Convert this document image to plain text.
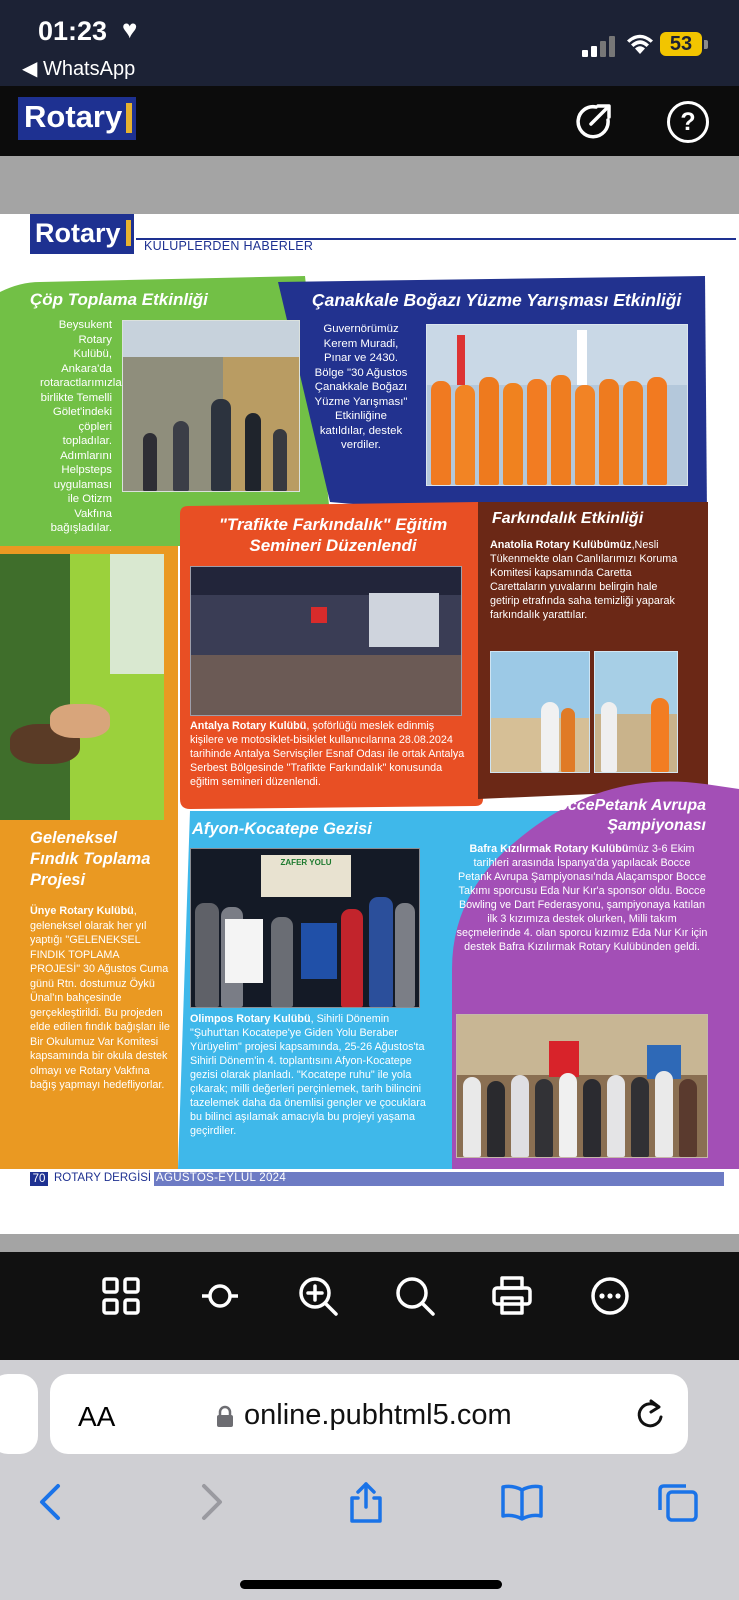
01:23 ♥
◀ WhatsApp
53
Rotary	?
Rotary	KULÜPLERDEN HABERLER
Çöp Toplama Etkinliği
Beysukent Rotary Kulübü, Ankara'da rotaractlarımızla birlikte Temelli Gölet'indeki çöpleri topladılar. Adımlarını Helpsteps uygulaması ile Otizm Vakfına bağışladılar.
Çanakkale Boğazı Yüzme Yarışması Etkinliği
Guvernörümüz Kerem Muradi, Pınar ve 2430. Bölge "30 Ağustos Çanakkale Boğazı Yüzme Yarışması" Etkinliğine katıldılar, destek verdiler.
"Trafikte Farkındalık" Eğitim Semineri Düzenlendi
Antalya Rotary Kulübü, şoförlüğü meslek edinmiş kişilere ve motosiklet-bisiklet kullanıcılarına 28.08.2024 tarihinde Antalya Servisçiler Esnaf Odası ile ortak Antalya Serbest Bölgesinde "Trafikte Farkındalık" konusunda eğitim semineri düzenlendi.
Farkındalık Etkinliği
Anatolia Rotary Kulübümüz,Nesli Tükenmekte olan Canlılarımızı Koruma Komitesi kapsamında Caretta Carettaların yuvalarını belirgin hale getirip etrafında saha temizliği yaparak farkındalık yarattılar.
Geleneksel Fındık Toplama Projesi
Ünye Rotary Kulübü, geleneksel olarak her yıl yaptığı "GELENEKSEL FINDIK TOPLAMA PROJESİ" 30 Ağustos Cuma günü Rtn. dostumuz Öykü Ünal'ın bahçesinde gerçekleştirildi. Bu projeden elde edilen fındık bağışları ile Bir Okulumuz Var Komitesi kapsamında bir okula destek olmayı ve Rotary Vakfına bağış yapmayı hedefliyorlar.
Afyon-Kocatepe Gezisi
ZAFER YOLU
Olimpos Rotary Kulübü, Sihirli Dönemin "Şuhut'tan Kocatepe'ye Giden Yolu Beraber Yürüyelim" projesi kapsamında, 25-26 Ağustos'ta Sihirli Dönem'in 4. toplantısını Afyon-Kocatepe gezisi olarak planladı. "Kocatepe ruhu" ile yola çıkarak; milli değerleri perçinlemek, tarih bilincini tazelemek daha da önemlisi gençler ve çocuklara bu bilinci aşılamak amacıyla bu projeyi yaşama geçirdiler.
BoccePetank Avrupa Şampiyonası
Bafra Kızılırmak Rotary Kulübümüz 3-6 Ekim tarihleri arasında İspanya'da yapılacak Bocce Petank Avrupa Şampiyonası'nda Alaçamspor Bocce Takımı sporcusu Eda Nur Kır'a sponsor oldu. Bocce Bowling ve Dart Federasyonu, şampiyonaya katılan ilk 3 kızımıza destek olurken, Milli takım seçmelerinde 4. olan sporcu kızımız Eda Nur Kır için destek Bafra Kızılırmak Rotary Kulübünden geldi.
70 ROTARY DERGİSİ AĞUSTOS-EYLÜL 2024
AA	online.pubhtml5.com
